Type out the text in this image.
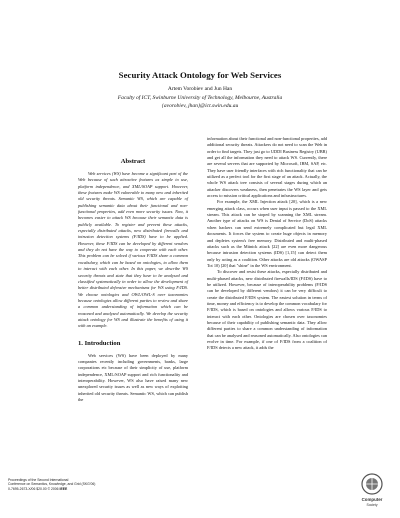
Security Attack Ontology for Web Services
Artem Vorobiev and Jun Han
Faculty of ICT, Swinburne University of Technology, Melbourne, Australia
{avorobiev, jhan}@ict.swin.edu.au
Abstract

Web services (WS) have become a significant part of the Web because of such attractive features as simple to use, platform independence, and XML/SOAP support. However, these features make WS vulnerable to many new and inherited old security threats. Semantic WS, which are capable of publishing semantic data about their functional and non-functional properties, add even more security issues. Now, it becomes easier to attack WS because their semantic data is publicly available. To register and prevent these attacks, especially distributed attacks, new distributed firewalls and intrusion detection systems (F/IDS) have to be applied. However, these F/IDS can be developed by different vendors and they do not have the way to cooperate with each other. This problem can be solved if various F/IDS share a common vocabulary, which can be based on ontologies, to allow them to interact with each other. In this paper, we describe WS security threats and state that they have to be analysed and classified systematically in order to allow the development of better distributed defensive mechanisms for WS using F/IDS. We choose ontologies and OWL/OWL-S over taxonomies because ontologies allow different parties to review and share a common understanding of information which can be reasoned and analysed automatically. We develop the security attack ontology for WS and illustrate the benefits of using it with an example.

1. Introduction

Web services (WS) have been deployed by many companies recently including governments, banks, large corporations etc because of their simplicity of use, platform independence, XML/SOAP support and rich functionality and interoperability. However, WS also have raised many new unexplored security issues as well as new ways of exploiting inherited old security threats. Semantic WS, which can publish the

information about their functional and non-functional properties, add additional security threats. Attackers do not need to scan the Web in order to find targets. They just go to UDDI Business Registry (UBR) and get all the information they need to attack WS. Currently, there are several servers that are supported by Microsoft, IBM, SAP, etc. They have user friendly interfaces with rich functionality that can be utilized as a perfect tool for the first stage of an attack. Actually, the whole WS attack tree consists of several stages during which an attacker discovers weakness, then penetrates the WS layer and gets access to mission critical applications and infrastructures.

For example, the XML Injection attack [20], which is a new emerging attack class, occurs when user input is passed to the XML stream. This attack can be stoped by scanning the XML stream. Another type of attacks on WS is Denial of Service (DoS) attacks when hackers can send extremely complicated but legal XML documents. It forces the system to create huge objects in memory and depletes system's free memory. Distributed and multi-phased attacks such as the Mitnick attack [22] are even more dangerous because intrusion detection systems (IDS) [1,15] can detect them only by acting as a coalition. Other attacks are old attacks (OWASP Tot 10) [20] that "shine" in the WS environment.

To discover and resist these attacks, especially distributed and multi-phased attacks, new distributed firewalls/IDS (F/IDS) have to be utilized. However, because of interoperability problems (F/IDS can be developed by different vendors) it can be very difficult to create the distributed F/IDS system. The easiest solution in terms of time, money and efficiency is to develop the common vocabulary for F/IDS, which is based on ontologies and allows various F/IDS to interact with each other. Ontologies are chosen over taxonomies because of their capability of publishing semantic data. They allow different parties to share a common understanding of information that can be analysed and reasoned automatically. Also ontologies can evolve in time. For example, if one of F/IDS from a coalition of F/IDS detects a new attack, it adds the

Proceedings of the Second International
Conference on Semantics, Knowledge, and Grid (SKG'06)
0-7695-2673-X/06 $20.00 © 2006 IEEE
Computer
Society
